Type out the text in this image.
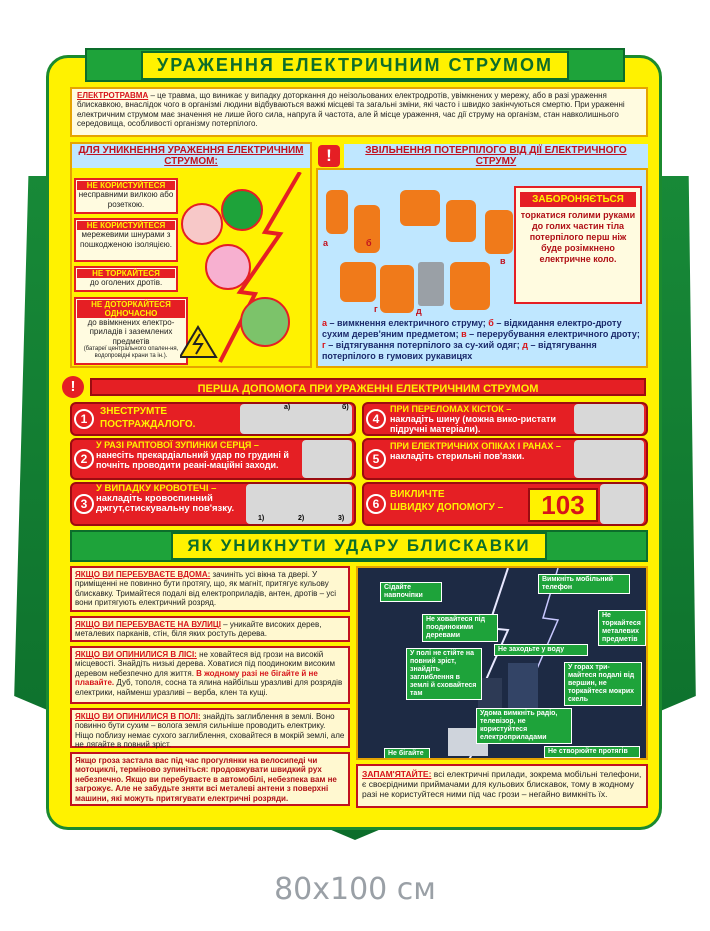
УРАЖЕННЯ ЕЛЕКТРИЧНИМ СТРУМОМ
ЕЛЕКТРОТРАВМА – це травма, що виникає у випадку доторкання до неізольованих електродротів, увімкнених у мережу, або в разі ураження блискавкою, внаслідок чого в організмі людини відбуваються важкі місцеві та загальні зміни, які часто і швидко закінчуються смертю. При ураженні електричним струмом має значення не лише його сила, напруга й частота, але й місце ураження, час дії струму на організм, стан навколишнього середовища, особливості організму потерпілого.
ДЛЯ УНИКНЕННЯ УРАЖЕННЯ ЕЛЕКТРИЧНИМ СТРУМОМ:	!
НЕ КОРИСТУЙТЕСЯ
несправними вилкою або розеткою.
НЕ КОРИСТУЙТЕСЯ
мережевими шнурами з пошкодженою ізоляцією.
НЕ ТОРКАЙТЕСЯ
до оголених дротів.
НЕ ДОТОРКАЙТЕСЯ ОДНОЧАСНО
до ввімкнених електро-приладів і заземлених предметів
(батареї центрального опален-ня, водопровідні крани та ін.).
ЗВІЛЬНЕННЯ ПОТЕРПІЛОГО ВІД ДІЇ ЕЛЕКТРИЧНОГО СТРУМУ
а	б
в
г	д
ЗАБОРОНЯЄТЬСЯ
торкатися голими руками до голих частин тіла потерпілого перш ніж буде розімкнено електричне коло.
а – вимкнення електричного струму; б – відкидання електро-дроту сухим дерев'яним предметом; в – перерубування електричного дроту; г – відтягування потерпілого за су-хий одяг; д – відтягування потерпілого в гумових рукавицях
!	ПЕРША ДОПОМОГА ПРИ УРАЖЕННІ ЕЛЕКТРИЧНИМ СТРУМОМ
1
ЗНЕСТРУМТЕ
ПОСТРАЖДАЛОГО.
а)	б)
2
У РАЗІ РАПТОВОЇ ЗУПИНКИ СЕРЦЯ –
нанесіть прекардіальний удар по грудині й почніть проводити реані-маційні заходи.
3
У ВИПАДКУ КРОВОТЕЧІ –
накладіть кровоспинний джгут,стискувальну пов'язку.
1)	2)	3)
4
ПРИ ПЕРЕЛОМАХ КІСТОК –
накладіть шину (можна вико-ристати підручні матеріали).
5
ПРИ ЕЛЕКТРИЧНИХ ОПІКАХ І РАНАХ –
накладіть стерильні пов'язки.
6
ВИКЛИЧТЕ
ШВИДКУ ДОПОМОГУ –	103
ЯК УНИКНУТИ УДАРУ БЛИСКАВКИ
ЯКЩО ВИ ПЕРЕБУВАЄТЕ ВДОМА: зачиніть усі вікна та двері. У приміщенні не повинно бути протягу, що, як магніт, притягує кульову блискавку. Тримайтеся подалі від електроприладів, антен, дротів – усі вони притягують електричний розряд.
ЯКЩО ВИ ПЕРЕБУВАЄТЕ НА ВУЛИЦІ – уникайте високих дерев, металевих парканів, стін, біля яких ростуть дерева.
ЯКЩО ВИ ОПИНИЛИСЯ В ЛІСІ: не ховайтеся від грози на високій місцевості. Знайдіть низькі дерева. Ховатися під поодиноким високим деревом небезпечно для життя. В жодному разі не бігайте й не плавайте. Дуб, тополя, сосна та ялина найбільш уразливі для розрядів електрики, найменш уразливі – верба, клен та кущі.
ЯКЩО ВИ ОПИНИЛИСЯ В ПОЛІ: знайдіть заглиблення в землі. Воно повинно бути сухим – волога земля сильніше проводить електрику. Ніщо поблизу немає сухого заглиблення, сховайтеся в мокрій землі, але не лягайте в повний зріст.
Якщо гроза застала вас під час прогулянки на велосипеді чи мотоциклі, терміново зупиніться: продовжувати швидкий рух небезпечно. Якщо ви перебуваєте в автомобілі, небезпека вам не загрожує. Але не забудьте зняти всі металеві антени з поверхні машини, які можуть притягувати електричні розряди.
Сідайте навпочіпки
Вимкніть мобільний телефон
Не ховайтеся під поодинокими деревами
Не торкайтеся металевих предметів
Не заходьте у воду
У полі не стійте на повний зріст, знайдіть заглиблення в землі й сховайтеся там
У горах три-майтеся подалі від вершин, не торкайтеся мокрих скель
Удома вимкніть радіо, телевізор, не користуйтеся електроприладами
Не бігайте	Не створюйте протягів
ЗАПАМ'ЯТАЙТЕ: всі електричні прилади, зокрема мобільні телефони, є своєрідними приймачами для кульових блискавок, тому в жодному разі не користуйтеся ними під час грози – негайно вимкніть їх.
80х100 см
